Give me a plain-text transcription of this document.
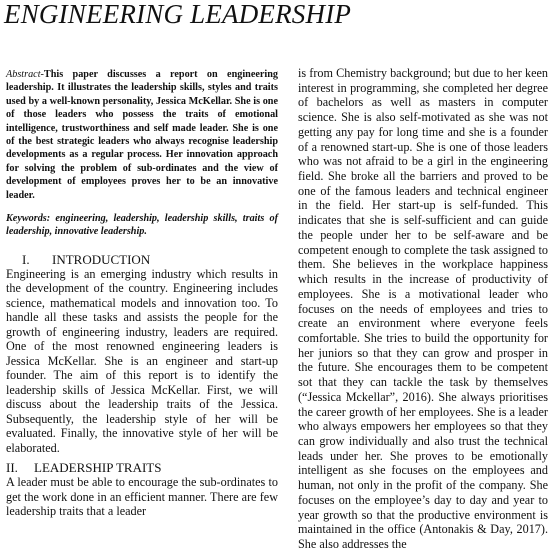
ENGINEERING LEADERSHIP

Abstract-This paper discusses a report on engineering leadership. It illustrates the leadership skills, styles and traits used by a well-known personality, Jessica McKellar. She is one of those leaders who possess the traits of emotional intelligence, trustworthiness and self made leader. She is one of the best strategic leaders who always recognise leadership developments as a regular process. Her innovation approach for solving the problem of sub-ordinates and the view of development of employees proves her to be an innovative leader.

Keywords: engineering, leadership, leadership skills, traits of leadership, innovative leadership.

I. INTRODUCTION

Engineering is an emerging industry which results in the development of the country. Engineering includes science, mathematical models and innovation too. To handle all these tasks and assists the people for the growth of engineering industry, leaders are required. One of the most renowned engineering leaders is Jessica McKellar. She is an engineer and start-up founder. The aim of this report is to identify the leadership skills of Jessica McKellar. First, we will discuss about the leadership traits of the Jessica. Subsequently, the leadership style of her will be evaluated. Finally, the innovative style of her will be elaborated.

II. LEADERSHIP TRAITS

A leader must be able to encourage the sub-ordinates to get the work done in an efficient manner. There are few leadership traits that a leader

is from Chemistry background; but due to her keen interest in programming, she completed her degree of bachelors as well as masters in computer science. She is also self-motivated as she was not getting any pay for long time and she is a founder of a renowned start-up. She is one of those leaders who was not afraid to be a girl in the engineering field. She broke all the barriers and proved to be one of the famous leaders and technical engineer in the field. Her start-up is self-funded. This indicates that she is self-sufficient and can guide the people under her to be self-aware and be competent enough to complete the task assigned to them. She believes in the workplace happiness which results in the increase of productivity of employees. She is a motivational leader who focuses on the needs of employees and tries to create an environment where everyone feels comfortable. She tries to build the opportunity for her juniors so that they can grow and prosper in the future. She encourages them to be competent sot that they can tackle the task by themselves (“Jessica Mckellar”, 2016). She always prioritises the career growth of her employees. She is a leader who always empowers her employees so that they can grow individually and also trust the technical leads under her. She proves to be emotionally intelligent as she focuses on the employees and human, not only in the profit of the company. She focuses on the employee’s day to day and year to year growth so that the productive environment is maintained in the office (Antonakis & Day, 2017). She also addresses the
